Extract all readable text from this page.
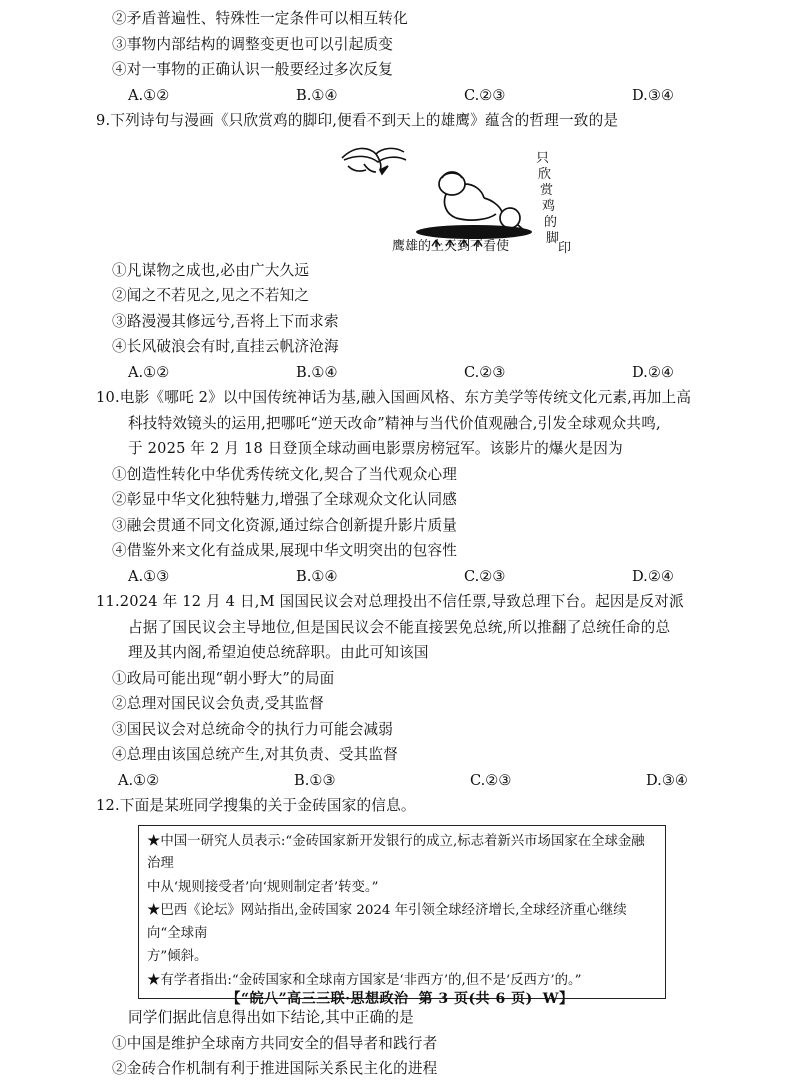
②矛盾普遍性、特殊性一定条件可以相互转化
③事物内部结构的调整变更也可以引起质变
④对一事物的正确认识一般要经过多次反复
A.①②	B.①④	C.②③	D.③④
9.下列诗句与漫画《只欣赏鸡的脚印,便看不到天上的雄鹰》蕴含的哲理一致的是
只
欣
赏
鸡
的
脚
印
鹰雄的上天到不看使
①凡谋物之成也,必由广大久远
②闻之不若见之,见之不若知之
③路漫漫其修远兮,吾将上下而求索
④长风破浪会有时,直挂云帆济沧海
A.①②	B.①④	C.②③	D.②④
10.电影《哪吒 2》以中国传统神话为基,融入国画风格、东方美学等传统文化元素,再加上高
科技特效镜头的运用,把哪吒“逆天改命”精神与当代价值观融合,引发全球观众共鸣,
于 2025 年 2 月 18 日登顶全球动画电影票房榜冠军。该影片的爆火是因为
①创造性转化中华优秀传统文化,契合了当代观众心理
②彰显中华文化独特魅力,增强了全球观众文化认同感
③融会贯通不同文化资源,通过综合创新提升影片质量
④借鉴外来文化有益成果,展现中华文明突出的包容性
A.①③	B.①④	C.②③	D.②④
11.2024 年 12 月 4 日,M 国国民议会对总理投出不信任票,导致总理下台。起因是反对派
占据了国民议会主导地位,但是国民议会不能直接罢免总统,所以推翻了总统任命的总
理及其内阁,希望迫使总统辞职。由此可知该国
①政局可能出现“朝小野大”的局面
②总理对国民议会负责,受其监督
③国民议会对总统命令的执行力可能会减弱
④总理由该国总统产生,对其负责、受其监督
A.①②	B.①③	C.②③	D.③④
12.下面是某班同学搜集的关于金砖国家的信息。

★中国一研究人员表示:“金砖国家新开发银行的成立,标志着新兴市场国家在全球金融治理

中从‘规则接受者’向‘规则制定者’转变。”

★巴西《论坛》网站指出,金砖国家 2024 年引领全球经济增长,全球经济重心继续向“全球南

方”倾斜。

★有学者指出:“金砖国家和全球南方国家是‘非西方’的,但不是‘反西方’的。”

同学们据此信息得出如下结论,其中正确的是
①中国是维护全球南方共同安全的倡导者和践行者
②金砖合作机制有利于推进国际关系民主化的进程
【“皖八”高三三联·思想政治 第 3 页(共 6 页) W】
